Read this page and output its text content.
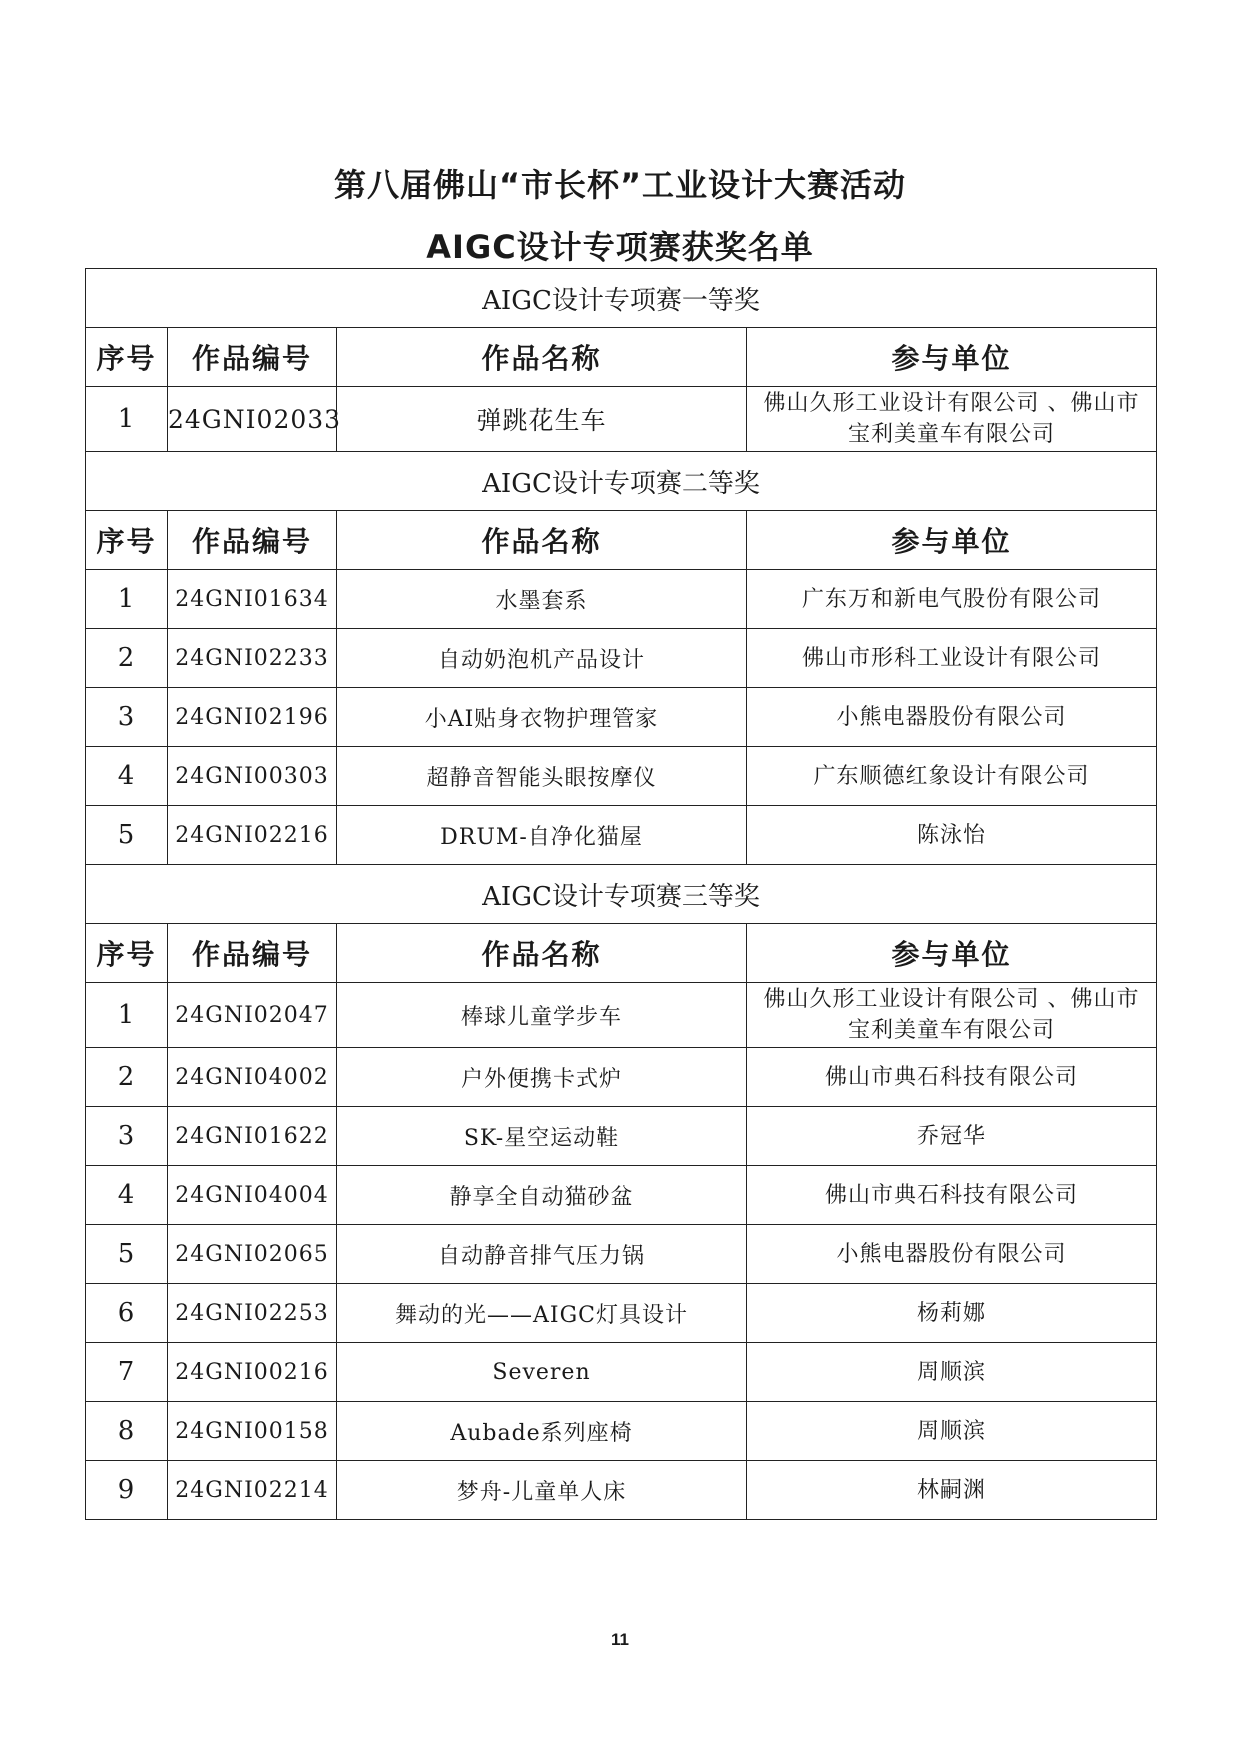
第八届佛山“市长杯”工业设计大赛活动
AIGC设计专项赛获奖名单
AIGC设计专项赛一等奖			
序号	作品编号	作品名称	参与单位
1	24GNI02033	弹跳花生车	佛山久形工业设计有限公司 、佛山市宝利美童车有限公司
AIGC设计专项赛二等奖			
序号	作品编号	作品名称	参与单位
1	24GNI01634	水墨套系	广东万和新电气股份有限公司
2	24GNI02233	自动奶泡机产品设计	佛山市形科工业设计有限公司
3	24GNI02196	小AI贴身衣物护理管家	小熊电器股份有限公司
4	24GNI00303	超静音智能头眼按摩仪	广东顺德红象设计有限公司
5	24GNI02216	DRUM-自净化猫屋	陈泳怡
AIGC设计专项赛三等奖			
序号	作品编号	作品名称	参与单位
1	24GNI02047	棒球儿童学步车	佛山久形工业设计有限公司 、佛山市宝利美童车有限公司
2	24GNI04002	户外便携卡式炉	佛山市典石科技有限公司
3	24GNI01622	SK-星空运动鞋	乔冠华
4	24GNI04004	静享全自动猫砂盆	佛山市典石科技有限公司
5	24GNI02065	自动静音排气压力锅	小熊电器股份有限公司
6	24GNI02253	舞动的光——AIGC灯具设计	杨莉娜
7	24GNI00216	Severen	周顺滨
8	24GNI00158	Aubade系列座椅	周顺滨
9	24GNI02214	梦舟-儿童单人床	林嗣渊
11
